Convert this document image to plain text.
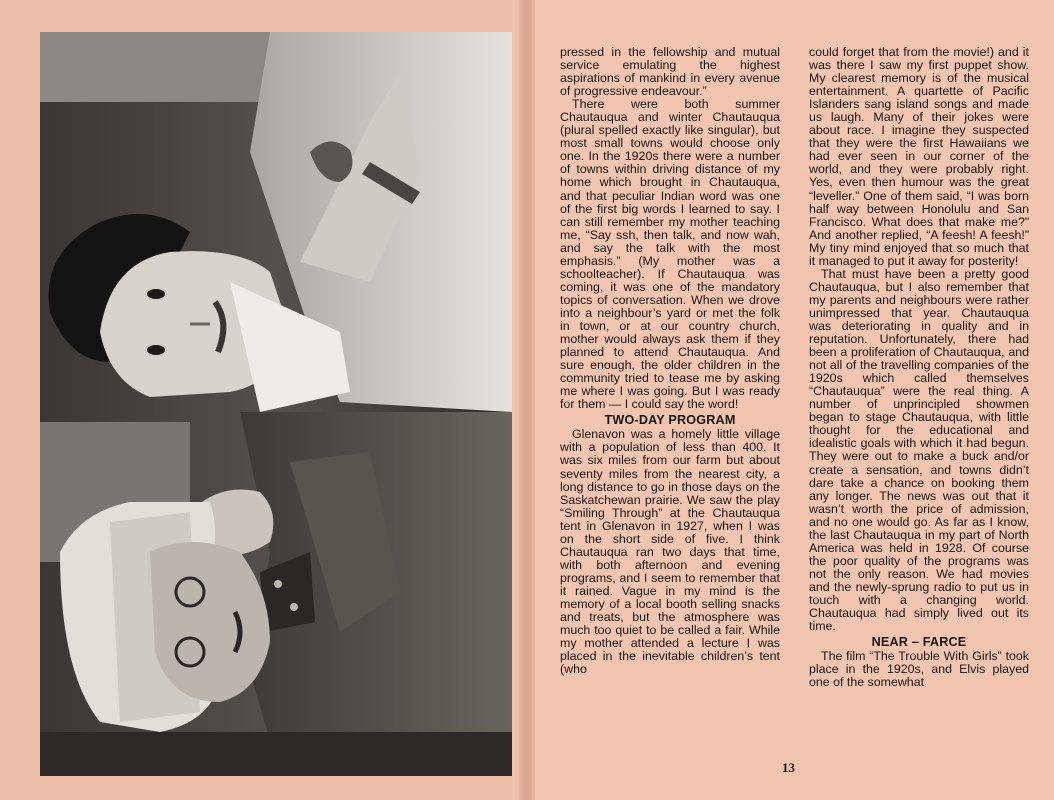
pressed in the fellowship and mutual service emulating the highest aspirations of mankind in every avenue of progressive endeavour.”

There were both summer Chautauqua and winter Chautauqua (plural spelled exactly like singular), but most small towns would choose only one. In the 1920s there were a number of towns within driving distance of my home which brought in Chautauqua, and that peculiar Indian word was one of the first big words I learned to say. I can still remember my mother teaching me, “Say ssh, then talk, and now wah, and say the talk with the most emphasis.” (My mother was a schoolteacher). If Chautauqua was coming, it was one of the mandatory topics of conversation. When we drove into a neighbour’s yard or met the folk in town, or at our country church, mother would always ask them if they planned to attend Chautauqua. And sure enough, the older children in the community tried to tease me by asking me where I was going. But I was ready for them — I could say the word!

TWO-DAY PROGRAM

Glenavon was a homely little village with a population of less than 400. It was six miles from our farm but about seventy miles from the nearest city, a long distance to go in those days on the Saskatchewan prairie. We saw the play “Smiling Through” at the Chautauqua tent in Glenavon in 1927, when I was on the short side of five. I think Chautauqua ran two days that time, with both afternoon and evening programs, and I seem to remember that it rained. Vague in my mind is the memory of a local booth selling snacks and treats, but the atmosphere was much too quiet to be called a fair. While my mother attended a lecture I was placed in the inevitable children’s tent (who

could forget that from the movie!) and it was there I saw my first puppet show. My clearest memory is of the musical entertainment. A quartette of Pacific Islanders sang island songs and made us laugh. Many of their jokes were about race. I imagine they suspected that they were the first Hawaiians we had ever seen in our corner of the world, and they were probably right. Yes, even then humour was the great “leveller.” One of them said, “I was born half way between Honolulu and San Francisco. What does that make me?” And another replied, “A feesh! A feesh!” My tiny mind enjoyed that so much that it managed to put it away for posterity!

That must have been a pretty good Chautauqua, but I also remember that my parents and neighbours were rather unimpressed that year. Chautauqua was deteriorating in quality and in reputation. Unfortunately, there had been a proliferation of Chautauqua, and not all of the travelling companies of the 1920s which called themselves “Chautauqua” were the real thing. A number of unprincipled showmen began to stage Chautauqua, with little thought for the educational and idealistic goals with which it had begun. They were out to make a buck and/or create a sensation, and towns didn’t dare take a chance on booking them any longer. The news was out that it wasn’t worth the price of admission, and no one would go. As far as I know, the last Chautauqua in my part of North America was held in 1928. Of course the poor quality of the programs was not the only reason. We had movies and the newly-sprung radio to put us in touch with a changing world. Chautauqua had simply lived out its time.

NEAR – FARCE

The film “The Trouble With Girls” took place in the 1920s, and Elvis played one of the somewhat

13
